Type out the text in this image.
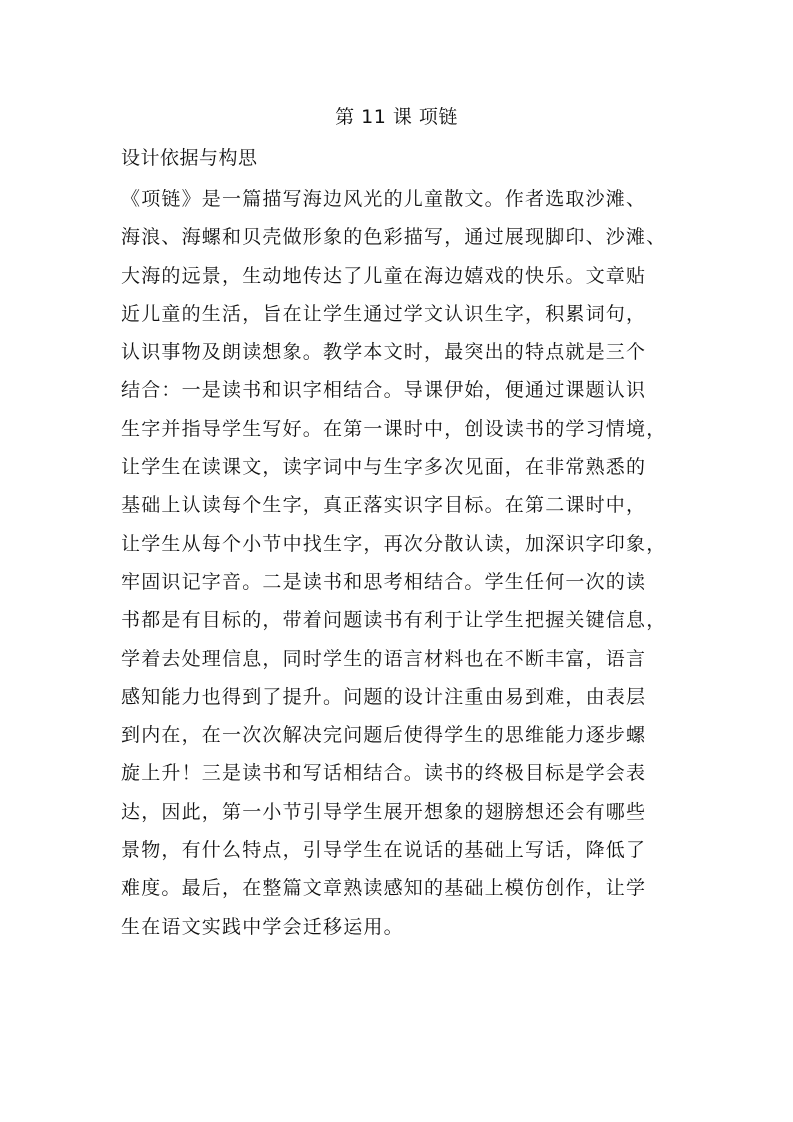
第 11 课 项链
设计依据与构思
《项链》是一篇描写海边风光的儿童散文。作者选取沙滩、
海浪、海螺和贝壳做形象的色彩描写，通过展现脚印、沙滩、
大海的远景，生动地传达了儿童在海边嬉戏的快乐。文章贴
近儿童的生活，旨在让学生通过学文认识生字，积累词句，
认识事物及朗读想象。教学本文时，最突出的特点就是三个
结合：一是读书和识字相结合。导课伊始，便通过课题认识
生字并指导学生写好。在第一课时中，创设读书的学习情境，
让学生在读课文，读字词中与生字多次见面，在非常熟悉的
基础上认读每个生字，真正落实识字目标。在第二课时中，
让学生从每个小节中找生字，再次分散认读，加深识字印象，
牢固识记字音。二是读书和思考相结合。学生任何一次的读
书都是有目标的，带着问题读书有利于让学生把握关键信息，
学着去处理信息，同时学生的语言材料也在不断丰富，语言
感知能力也得到了提升。问题的设计注重由易到难，由表层
到内在，在一次次解决完问题后使得学生的思维能力逐步螺
旋上升！三是读书和写话相结合。读书的终极目标是学会表
达，因此，第一小节引导学生展开想象的翅膀想还会有哪些
景物，有什么特点，引导学生在说话的基础上写话，降低了
难度。最后，在整篇文章熟读感知的基础上模仿创作，让学
生在语文实践中学会迁移运用。
